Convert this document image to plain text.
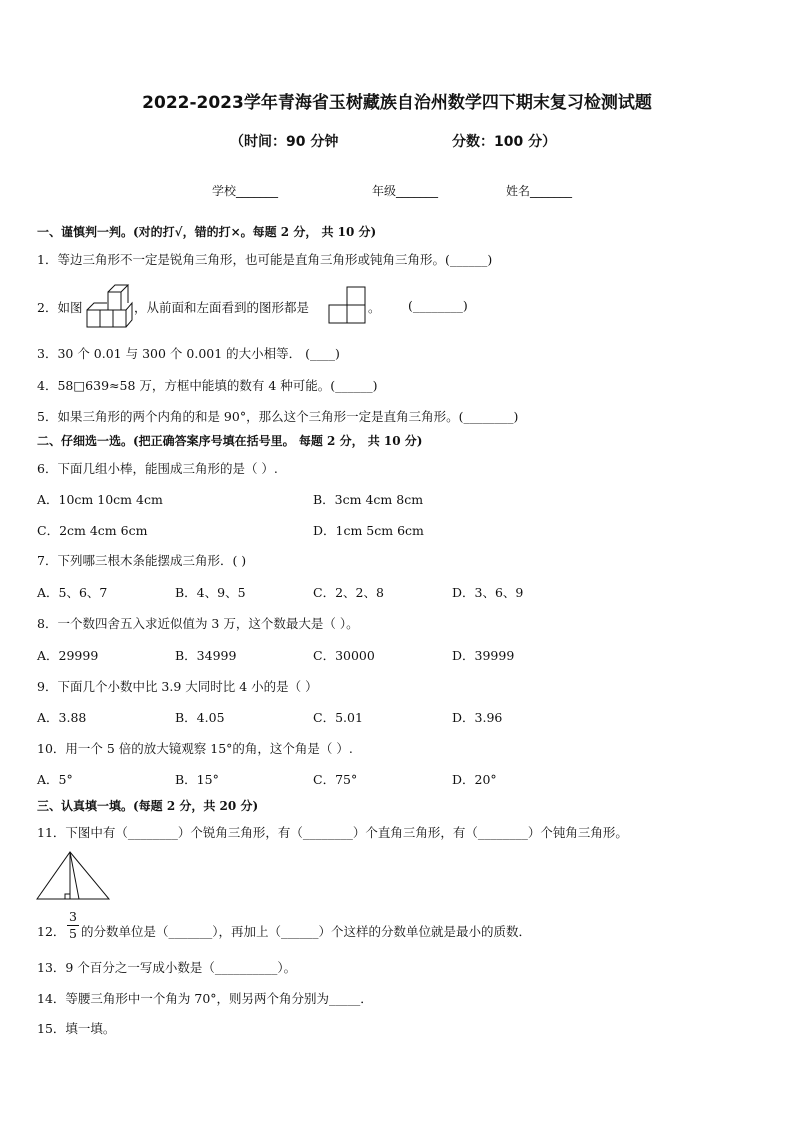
2022-2023学年青海省玉树藏族自治州数学四下期末复习检测试题
（时间：90 分钟	分数：100 分）
学校_______	年级_______	姓名_______
一、谨慎判一判。(对的打√，错的打×。每题 2 分， 共 10 分)
1．等边三角形不一定是锐角三角形，也可能是直角三角形或钝角三角形。(______)
2．如图	，从前面和左面看到的图形都是	。 (________)
3．30 个 0.01 与 300 个 0.001 的大小相等． (____)
4．58□639≈58 万，方框中能填的数有 4 种可能。(______)
5．如果三角形的两个内角的和是 90°，那么这个三角形一定是直角三角形。(________)
二、仔细选一选。(把正确答案序号填在括号里。 每题 2 分， 共 10 分)
6．下面几组小棒，能围成三角形的是（ ）.
A．10cm 10cm 4cm	B．3cm 4cm 8cm
C．2cm 4cm 6cm	D．1cm 5cm 6cm
7．下列哪三根木条能摆成三角形．( )
A．5、6、7	B．4、9、5	C．2、2、8	D．3、6、9
8．一个数四舍五入求近似值为 3 万，这个数最大是（ ）。
A．29999	B．34999	C．30000	D．39999
9．下面几个小数中比 3.9 大同时比 4 小的是（ ）
A．3.88	B．4.05	C．5.01	D．3.96
10．用一个 5 倍的放大镜观察 15°的角，这个角是（ ）.
A．5°	B．15°	C．75°	D．20°
三、认真填一填。(每题 2 分，共 20 分)
11．下图中有（________）个锐角三角形，有（________）个直角三角形，有（________）个钝角三角形。
12．
3
5 的分数单位是（_______），再加上（______）个这样的分数单位就是最小的质数．
13．9 个百分之一写成小数是（__________）。
14．等腰三角形中一个角为 70°，则另两个角分别为_____．
15．填一填。
